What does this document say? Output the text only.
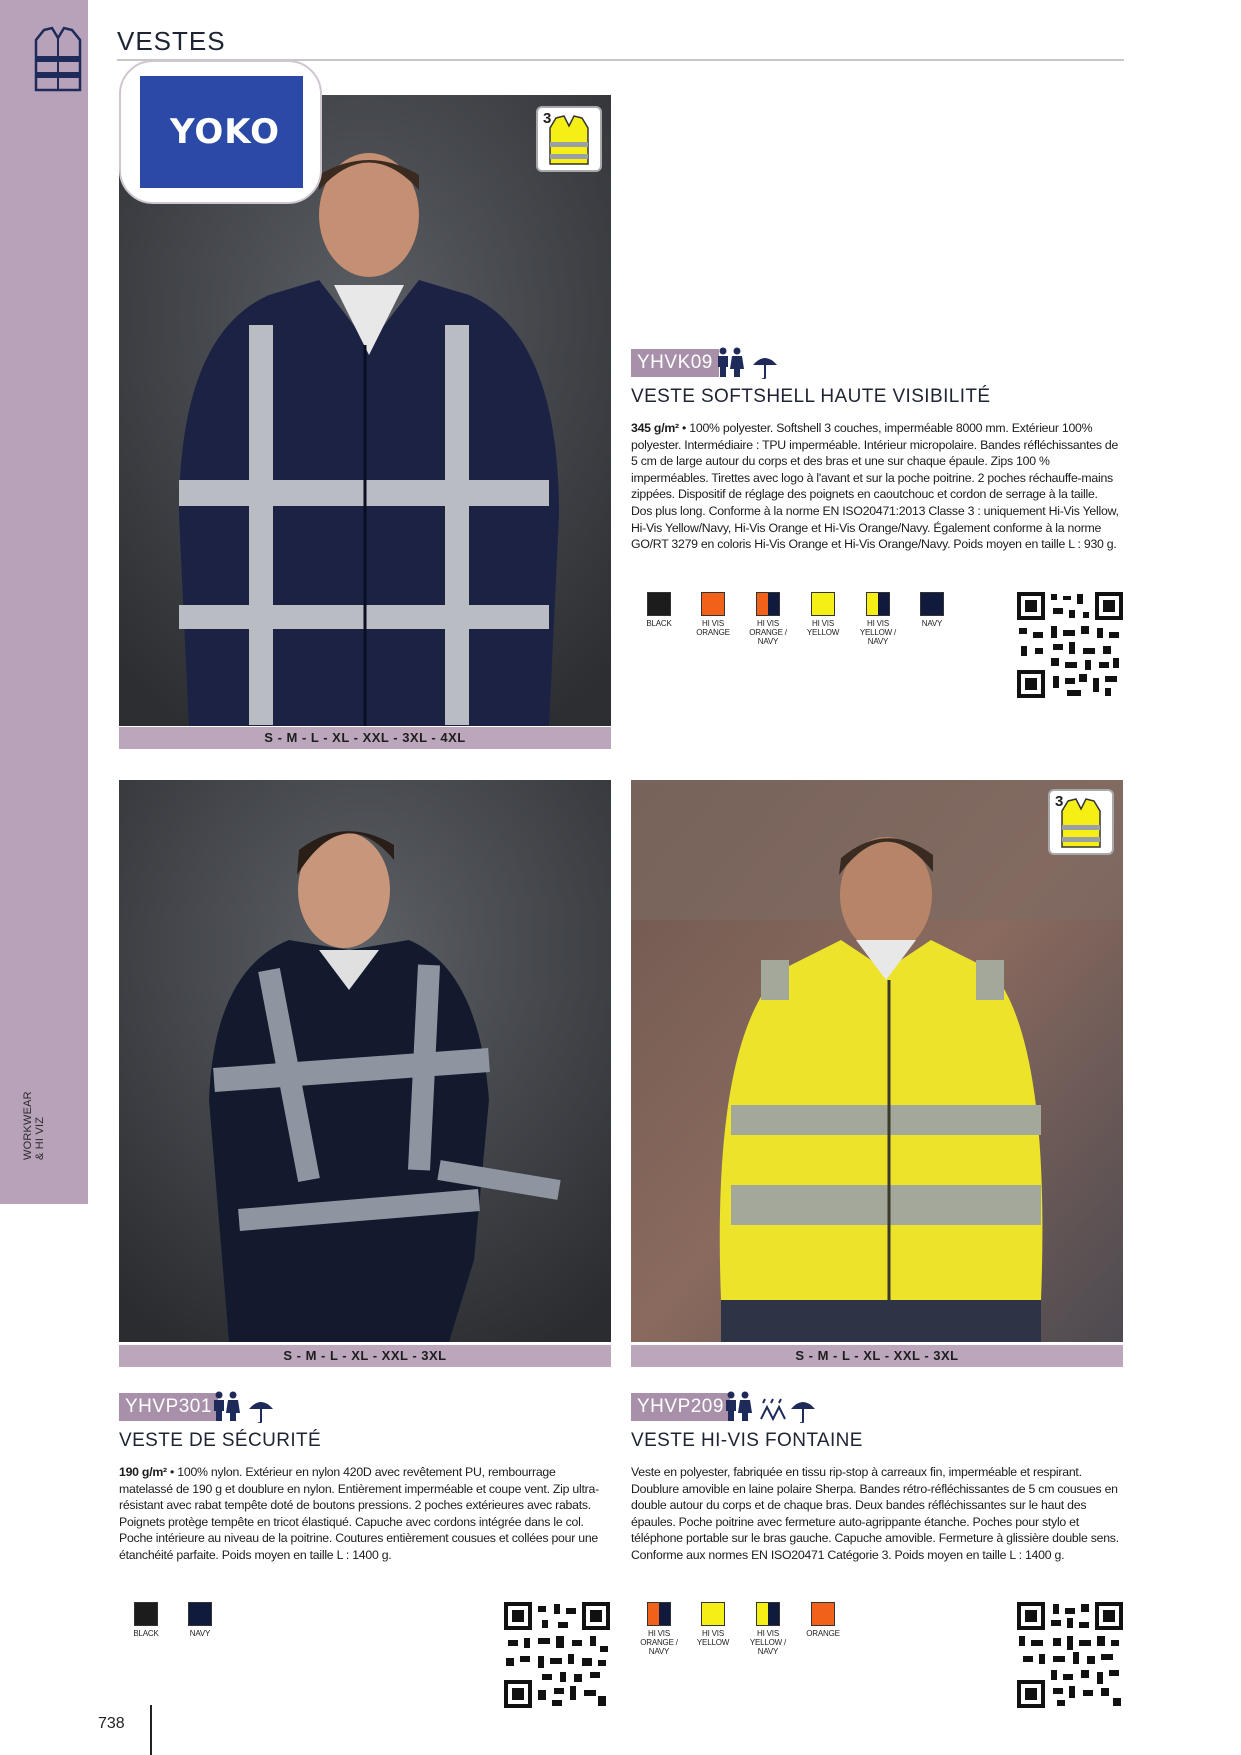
WORKWEAR & HI VIZ
VESTES
YOKO	3
S - M - L - XL - XXL - 3XL - 4XL
YHVK09
VESTE SOFTSHELL HAUTE VISIBILITÉ
345 g/m² • 100% polyester. Softshell 3 couches, imperméable 8000 mm. Extérieur 100% polyester. Intermédiaire : TPU imperméable. Intérieur micropolaire. Bandes réfléchissantes de 5 cm de large autour du corps et des bras et une sur chaque épaule. Zips 100 % imperméables. Tirettes avec logo à l'avant et sur la poche poitrine. 2 poches réchauffe-mains zippées. Dispositif de réglage des poignets en caoutchouc et cordon de serrage à la taille. Dos plus long. Conforme à la norme EN ISO20471:2013 Classe 3 : uniquement Hi-Vis Yellow, Hi-Vis Yellow/Navy, Hi-Vis Orange et Hi-Vis Orange/Navy. Également conforme à la norme GO/RT 3279 en coloris Hi-Vis Orange et Hi-Vis Orange/Navy. Poids moyen en taille L : 930 g.
BLACK	HI VIS ORANGE
HI VIS ORANGE / NAVY
HI VIS YELLOW
HI VIS YELLOW / NAVY
NAVY
S - M - L - XL - XXL - 3XL
3
S - M - L - XL - XXL - 3XL
YHVP301
VESTE DE SÉCURITÉ
190 g/m² • 100% nylon. Extérieur en nylon 420D avec revêtement PU, rembourrage matelassé de 190 g et doublure en nylon. Entièrement imperméable et coupe vent. Zip ultra-résistant avec rabat tempête doté de boutons pressions. 2 poches extérieures avec rabats. Poignets protège tempête en tricot élastiqué. Capuche avec cordons intégrée dans le col. Poche intérieure au niveau de la poitrine. Coutures entièrement cousues et collées pour une étanchéité parfaite. Poids moyen en taille L : 1400 g.
BLACK	NAVY
YHVP209
VESTE HI-VIS FONTAINE
Veste en polyester, fabriquée en tissu rip-stop à carreaux fin, imperméable et respirant. Doublure amovible en laine polaire Sherpa. Bandes rétro-réfléchissantes de 5 cm cousues en double autour du corps et de chaque bras. Deux bandes réfléchissantes sur le haut des épaules. Poche poitrine avec fermeture auto-agrippante étanche. Poches pour stylo et téléphone portable sur le bras gauche. Capuche amovible. Fermeture à glissière double sens. Conforme aux normes EN ISO20471 Catégorie 3. Poids moyen en taille L : 1400 g.
HI VIS ORANGE / NAVY
HI VIS YELLOW
HI VIS YELLOW / NAVY
ORANGE
738
